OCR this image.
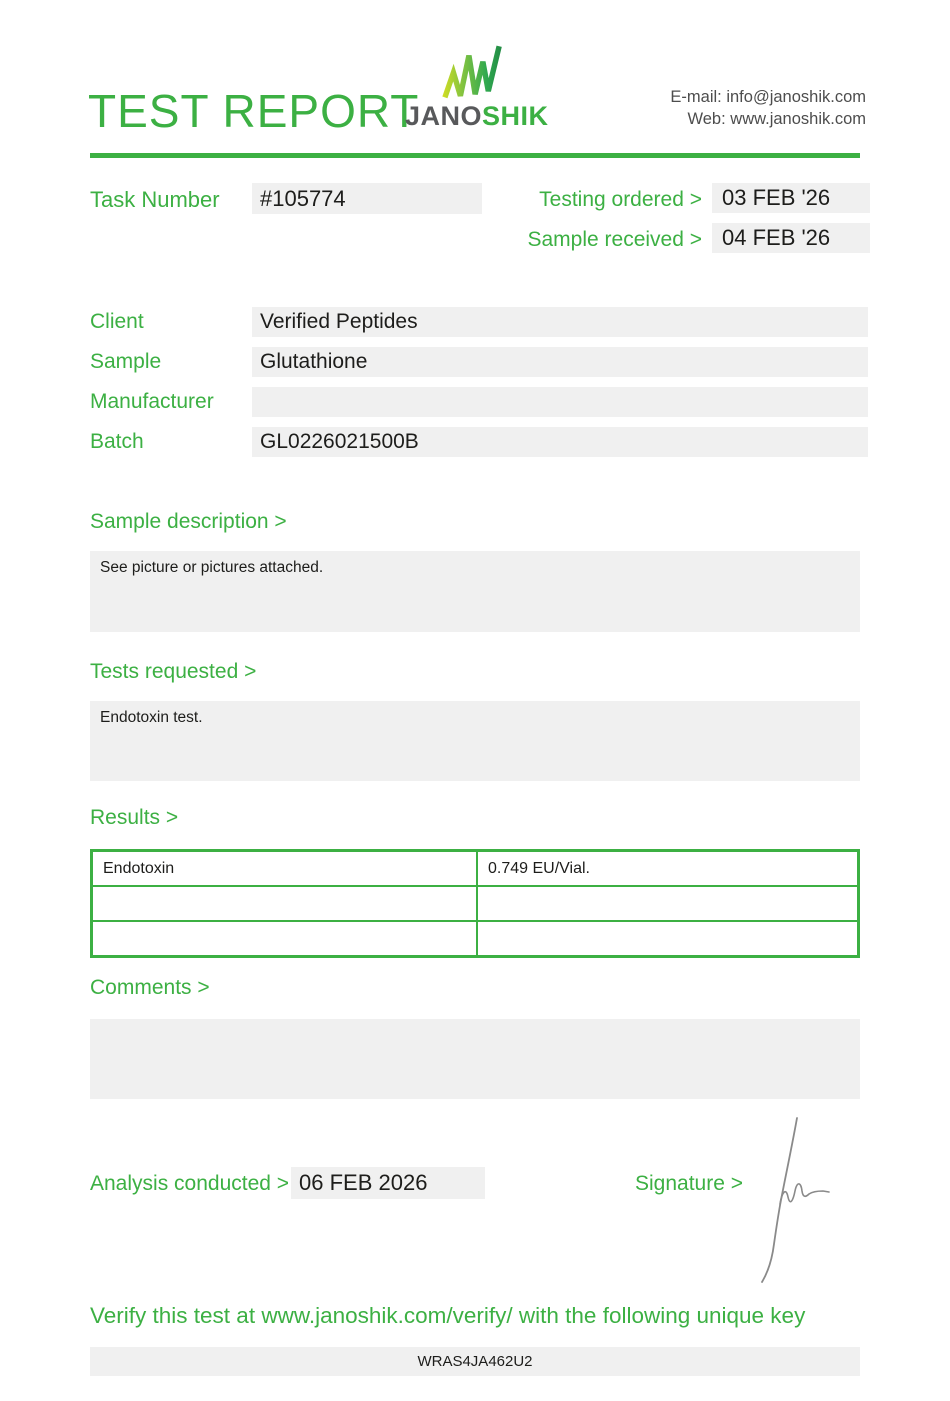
TEST REPORT
JANOSHIK
E-mail: info@janoshik.com
Web: www.janoshik.com
Task Number	#105774	Testing ordered > 03 FEB '26
Sample received > 04 FEB '26
Client	Verified Peptides
Sample	Glutathione
Manufacturer
Batch	GL0226021500B
Sample description >
See picture or pictures attached.
Tests requested >
Endotoxin test.
Results >
Endotoxin	0.749 EU/Vial.
Comments >
Analysis conducted > 06 FEB 2026	Signature >
Verify this test at www.janoshik.com/verify/ with the following unique key
WRAS4JA462U2
